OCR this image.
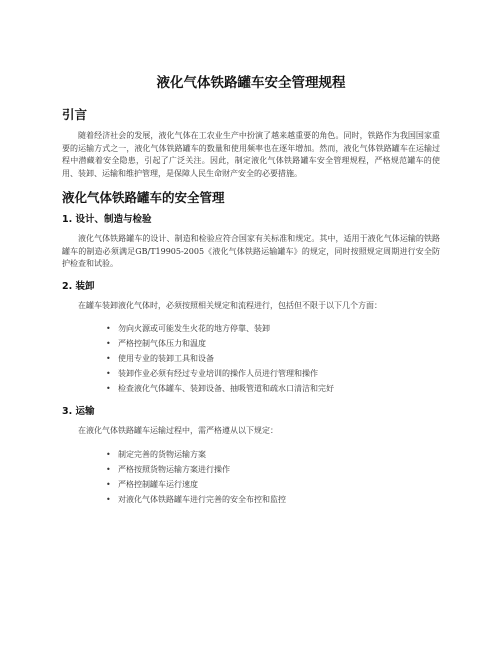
液化气体铁路罐车安全管理规程
引言

随着经济社会的发展，液化气体在工农业生产中扮演了越来越重要的角色。同时，铁路作为我国国家重要的运输方式之一，液化气体铁路罐车的数量和使用频率也在逐年增加。然而，液化气体铁路罐车在运输过程中潜藏着安全隐患，引起了广泛关注。因此，制定液化气体铁路罐车安全管理规程，严格规范罐车的使用、装卸、运输和维护管理，是保障人民生命财产安全的必要措施。

液化气体铁路罐车的安全管理
1. 设计、制造与检验

液化气体铁路罐车的设计、制造和检验应符合国家有关标准和规定。其中，适用于液化气体运输的铁路罐车的制造必须满足GB/T19905-2005《液化气体铁路运输罐车》的规定，同时按照规定周期进行安全防护检查和试验。

2. 装卸

在罐车装卸液化气体时，必须按照相关规定和流程进行，包括但不限于以下几个方面：

• 勿向火源或可能发生火花的地方停靠、装卸
• 严格控制气体压力和温度
• 使用专业的装卸工具和设备
• 装卸作业必须有经过专业培训的操作人员进行管理和操作
• 检查液化气体罐车、装卸设备、抽吸管道和疏水口清洁和完好
3. 运输

在液化气体铁路罐车运输过程中，需严格遵从以下规定：

• 制定完善的货物运输方案
• 严格按照货物运输方案进行操作
• 严格控制罐车运行速度
• 对液化气体铁路罐车进行完善的安全布控和监控
